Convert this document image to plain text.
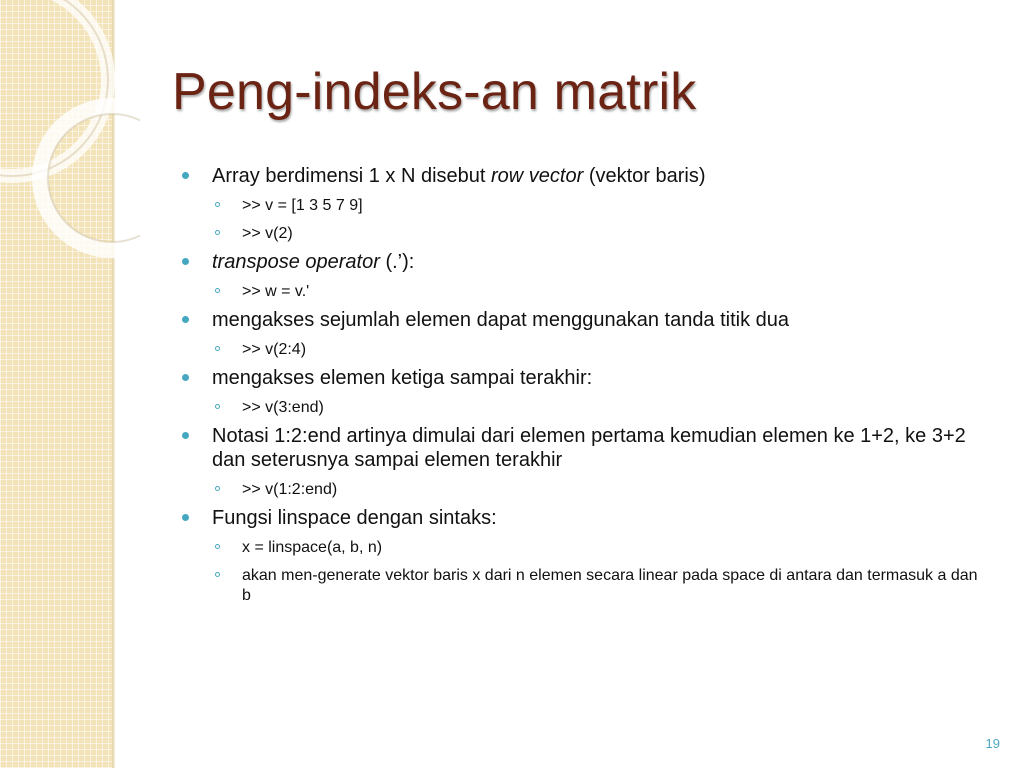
Peng-indeks-an matrik
Array berdimensi 1 x N disebut row vector (vektor baris)
>> v = [1 3 5 7 9]
>> v(2)
transpose operator (.’):
>> w = v.'
mengakses sejumlah elemen dapat menggunakan tanda titik dua
>> v(2:4)
mengakses elemen ketiga sampai terakhir:
>> v(3:end)
Notasi 1:2:end artinya dimulai dari elemen pertama kemudian elemen ke 1+2, ke 3+2 dan seterusnya sampai elemen terakhir
>> v(1:2:end)
Fungsi linspace dengan sintaks:
x = linspace(a, b, n)
akan men-generate vektor baris x dari n elemen secara linear pada space di antara dan termasuk a dan b
19
